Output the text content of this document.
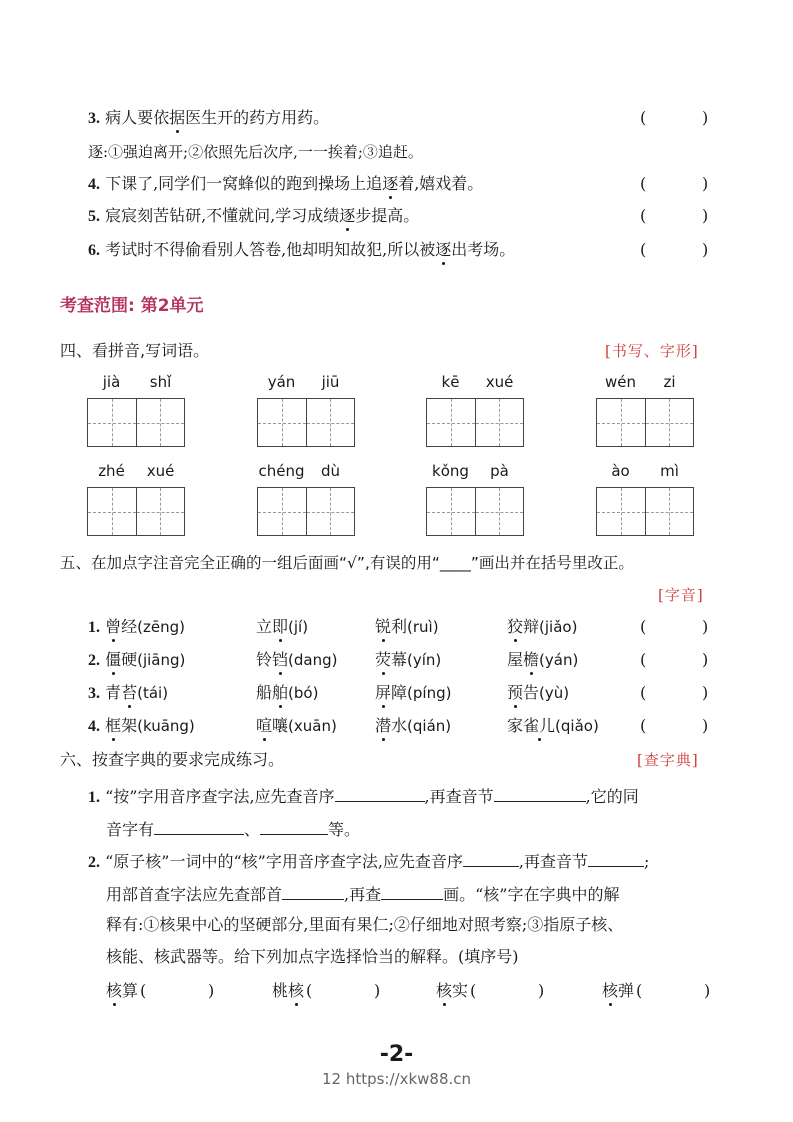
3. 病人要依据医生开的药方用药。	(	)
逐:①强迫离开;②依照先后次序,一一挨着;③追赶。
4. 下课了,同学们一窝蜂似的跑到操场上追逐着,嬉戏着。	(	)
5. 宸宸刻苦钻研,不懂就问,学习成绩逐步提高。	(	)
6. 考试时不得偷看别人答卷,他却明知故犯,所以被逐出考场。	(	)
考查范围: 第2单元
四、看拼音,写词语。	[书写、字形]
jià	shǐ	yán	jiū	kē	xué	wén	zi
zhé	xué	chéng	dù	kǒng	pà	ào	mì
五、在加点字注音完全正确的一组后面画“√”,有误的用“____”画出并在括号里改正。
[字音]
1. 曾经(zēng)	立即(jí)	锐利(ruì)	狡辩(jiǎo)	(	)
2. 僵硬(jiāng)	铃铛(dang) 荧幕(yín)	屋檐(yán)	(	)
3. 青苔(tái)	船舶(bó)	屏障(píng)	预告(yù)	(	)
4. 框架(kuāng)	喧嚷(xuān) 潜水(qián)	家雀儿(qiǎo)	(	)
六、按查字典的要求完成练习。	[查字典]
1. “按”字用音序查字法,应先查音序	,再查音节	,它的同
音字有	、	等。
2. “原子核”一词中的“核”字用音序查字法,应先查音序	,再查音节	;
用部首查字法应先查部首	,再查	画。“核”字在字典中的解
释有:①核果中心的坚硬部分,里面有果仁;②仔细地对照考察;③指原子核、
核能、核武器等。给下列加点字选择恰当的解释。(填序号)
核算 (	)	桃核 (	)	核实 (	)	核弹 (	)
-2-
12 https://xkw88.cn
